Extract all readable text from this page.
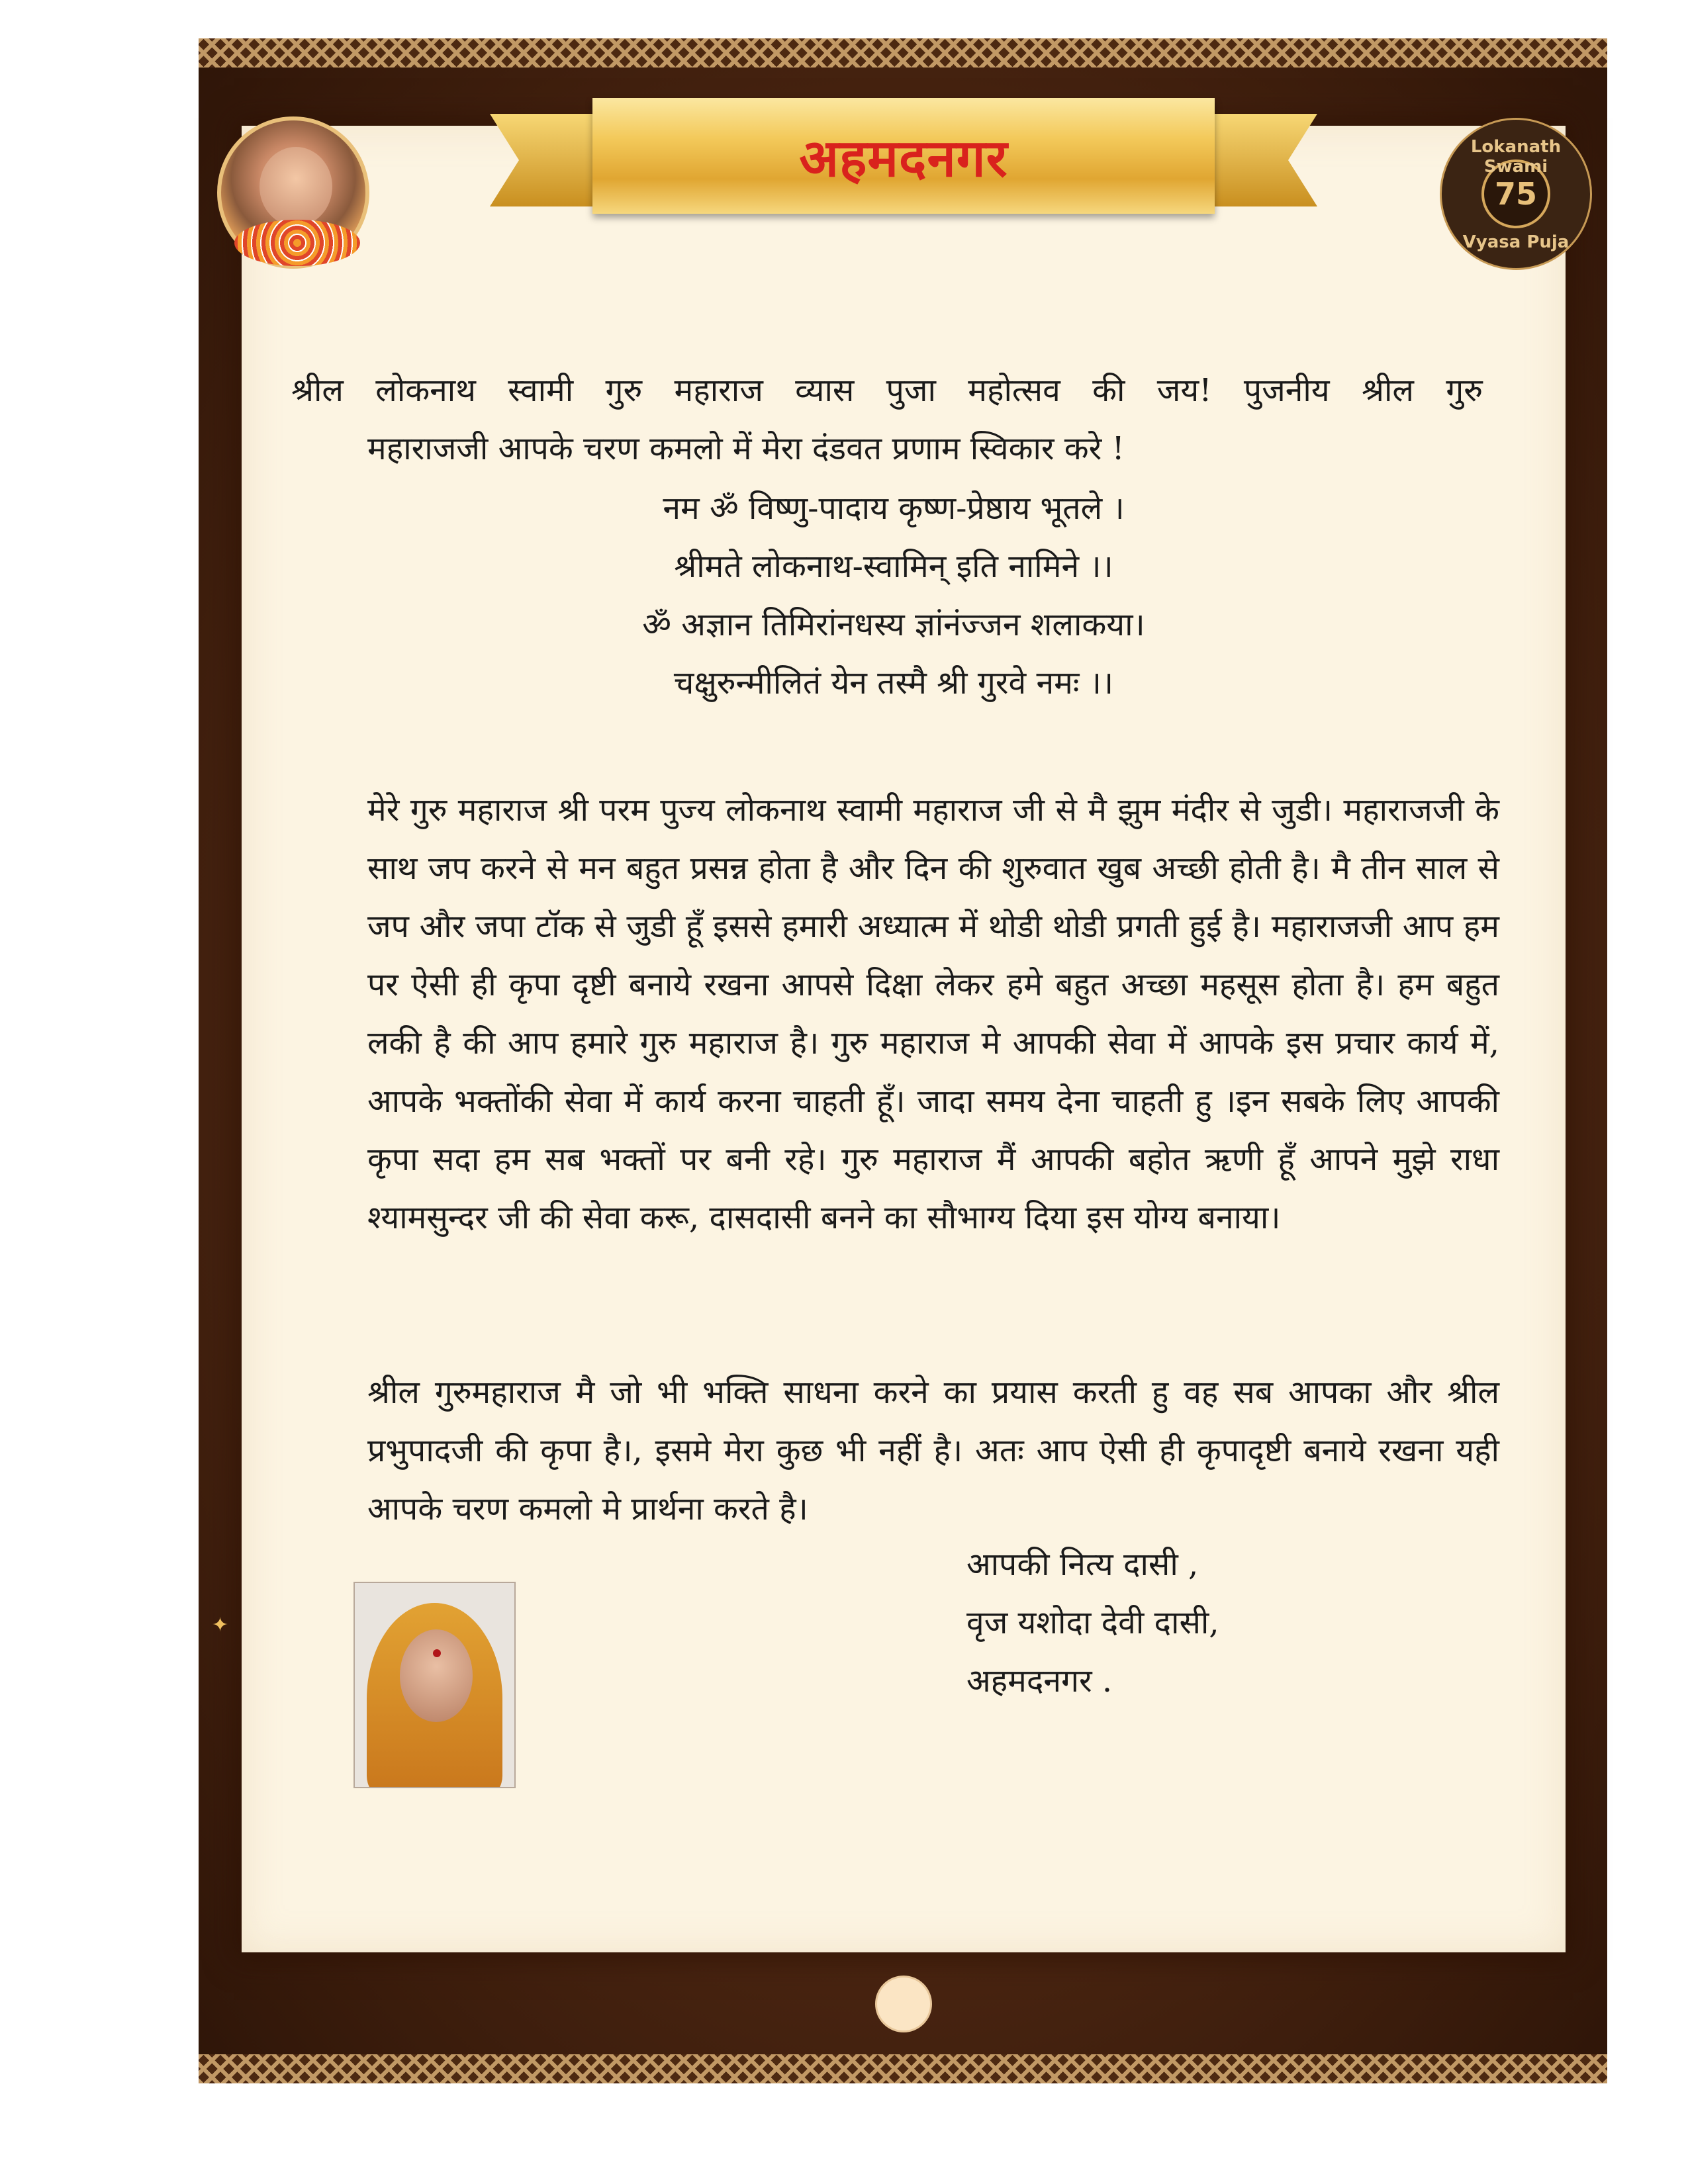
अहमदनगर	Lokanath Swami
75
Vyasa Puja
श्रील लोकनाथ स्वामी गुरु महाराज व्यास पुजा महोत्सव की जय! पुजनीय श्रील गुरु
महाराजजी आपके चरण कमलो में मेरा दंडवत प्रणाम स्विकार करे !
नम ॐ विष्णु-पादाय कृष्ण-प्रेष्ठाय भूतले ।
श्रीमते लोकनाथ-स्वामिन् इति नामिने ।।
ॐ अज्ञान तिमिरांनधस्य ज्ञांनंज्जन शलाकया।
चक्षुरुन्मीलितं येन तस्मै श्री गुरवे नमः ।।
मेरे गुरु महाराज श्री परम पुज्य लोकनाथ स्वामी महाराज जी से मै झुम मंदीर से जुडी। महाराजजी के साथ जप करने से मन बहुत प्रसन्न होता है और दिन की शुरुवात खुब अच्छी होती है। मै तीन साल से जप और जपा टॉक से जुडी हूँ इससे हमारी अध्यात्म में थोडी थोडी प्रगती हुई है। महाराजजी आप हम पर ऐसी ही कृपा दृष्टी बनाये रखना आपसे दिक्षा लेकर हमे बहुत अच्छा महसूस होता है। हम बहुत लकी है की आप हमारे गुरु महाराज है। गुरु महाराज मे आपकी सेवा में आपके इस प्रचार कार्य में, आपके भक्तोंकी सेवा में कार्य करना चाहती हूँ। जादा समय देना चाहती हु ।इन सबके लिए आपकी कृपा सदा हम सब भक्तों पर बनी रहे। गुरु महाराज मैं आपकी बहोत ऋणी हूँ आपने मुझे राधा श्यामसुन्दर जी की सेवा करू, दासदासी बनने का सौभाग्य दिया इस योग्य बनाया।
श्रील गुरुमहाराज मै जो भी भक्ति साधना करने का प्रयास करती हु वह सब आपका और श्रील प्रभुपादजी की कृपा है।, इसमे मेरा कुछ भी नहीं है। अतः आप ऐसी ही कृपादृष्टी बनाये रखना यही आपके चरण कमलो मे प्रार्थना करते है।
आपकी नित्य दासी ,
वृज यशोदा देवी दासी,
अहमदनगर .
✦
